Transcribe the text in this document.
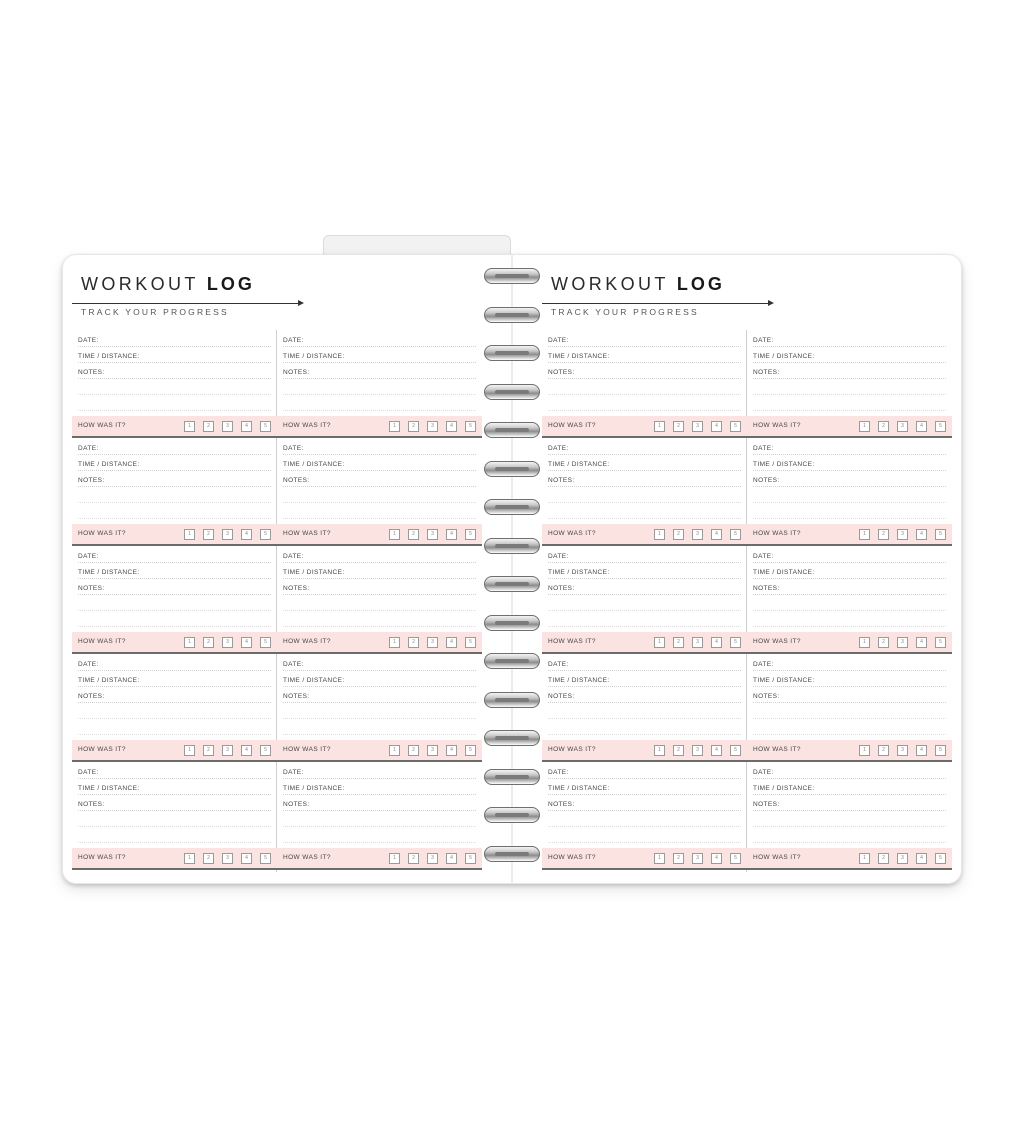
WORKOUT LOG
TRACK YOUR PROGRESS
DATE:
TIME / DISTANCE:
NOTES:
DATE:
TIME / DISTANCE:
NOTES:
HOW WAS IT?	1	2	3	4	5	HOW WAS IT?	1	2	3	4	5
DATE:
TIME / DISTANCE:
NOTES:
DATE:
TIME / DISTANCE:
NOTES:
HOW WAS IT?	1	2	3	4	5	HOW WAS IT?	1	2	3	4	5
DATE:
TIME / DISTANCE:
NOTES:
DATE:
TIME / DISTANCE:
NOTES:
HOW WAS IT?	1	2	3	4	5	HOW WAS IT?	1	2	3	4	5
DATE:
TIME / DISTANCE:
NOTES:
DATE:
TIME / DISTANCE:
NOTES:
HOW WAS IT?	1	2	3	4	5	HOW WAS IT?	1	2	3	4	5
DATE:
TIME / DISTANCE:
NOTES:
DATE:
TIME / DISTANCE:
NOTES:
HOW WAS IT?	1	2	3	4	5	HOW WAS IT?	1	2	3	4	5
WORKOUT LOG
TRACK YOUR PROGRESS
DATE:
TIME / DISTANCE:
NOTES:
DATE:
TIME / DISTANCE:
NOTES:
HOW WAS IT?	1	2	3	4	5	HOW WAS IT?	1	2	3	4	5
DATE:
TIME / DISTANCE:
NOTES:
DATE:
TIME / DISTANCE:
NOTES:
HOW WAS IT?	1	2	3	4	5	HOW WAS IT?	1	2	3	4	5
DATE:
TIME / DISTANCE:
NOTES:
DATE:
TIME / DISTANCE:
NOTES:
HOW WAS IT?	1	2	3	4	5	HOW WAS IT?	1	2	3	4	5
DATE:
TIME / DISTANCE:
NOTES:
DATE:
TIME / DISTANCE:
NOTES:
HOW WAS IT?	1	2	3	4	5	HOW WAS IT?	1	2	3	4	5
DATE:
TIME / DISTANCE:
NOTES:
DATE:
TIME / DISTANCE:
NOTES:
HOW WAS IT?	1	2	3	4	5	HOW WAS IT?	1	2	3	4	5
